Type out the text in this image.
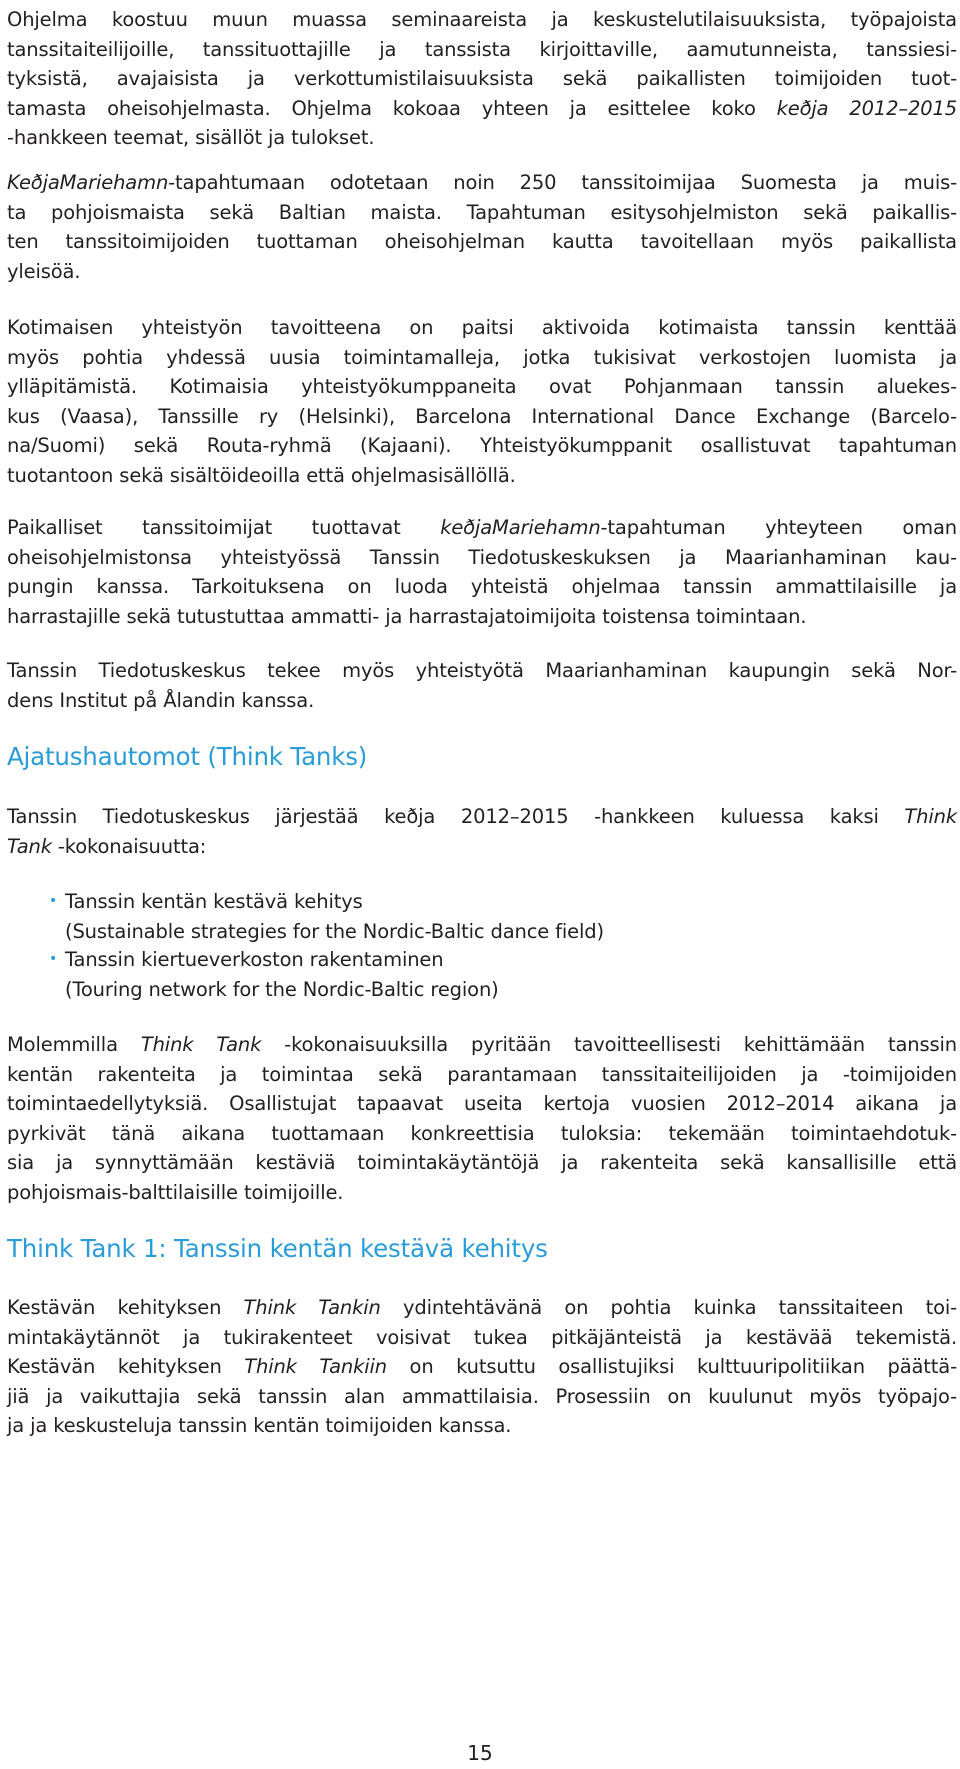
Ohjelma koostuu muun muassa seminaareista ja keskustelutilaisuuksista, työpajoista
tanssitaiteilijoille, tanssituottajille ja tanssista kirjoittaville, aamutunneista, tanssiesi-
tyksistä, avajaisista ja verkottumistilaisuuksista sekä paikallisten toimijoiden tuot-
tamasta oheisohjelmasta. Ohjelma kokoaa yhteen ja esittelee koko keðja 2012–2015
-hankkeen teemat, sisällöt ja tulokset.
KeðjaMariehamn-tapahtumaan odotetaan noin 250 tanssitoimijaa Suomesta ja muis-
ta pohjoismaista sekä Baltian maista. Tapahtuman esitysohjelmiston sekä paikallis-
ten tanssitoimijoiden tuottaman oheisohjelman kautta tavoitellaan myös paikallista
yleisöä.
Kotimaisen yhteistyön tavoitteena on paitsi aktivoida kotimaista tanssin kenttää
myös pohtia yhdessä uusia toimintamalleja, jotka tukisivat verkostojen luomista ja
ylläpitämistä. Kotimaisia yhteistyökumppaneita ovat Pohjanmaan tanssin aluekes-
kus (Vaasa), Tanssille ry (Helsinki), Barcelona International Dance Exchange (Barcelo-
na/Suomi) sekä Routa-ryhmä (Kajaani). Yhteistyökumppanit osallistuvat tapahtuman
tuotantoon sekä sisältöideoilla että ohjelmasisällöllä.
Paikalliset tanssitoimijat tuottavat keðjaMariehamn-tapahtuman yhteyteen oman
oheisohjelmistonsa yhteistyössä Tanssin Tiedotuskeskuksen ja Maarianhaminan kau-
pungin kanssa. Tarkoituksena on luoda yhteistä ohjelmaa tanssin ammattilaisille ja
harrastajille sekä tutustuttaa ammatti- ja harrastajatoimijoita toistensa toimintaan.
Tanssin Tiedotuskeskus tekee myös yhteistyötä Maarianhaminan kaupungin sekä Nor-
dens Institut på Ålandin kanssa.
Ajatushautomot (Think Tanks)
Tanssin Tiedotuskeskus järjestää keðja 2012–2015 -hankkeen kuluessa kaksi Think
Tank -kokonaisuutta:
• Tanssin kentän kestävä kehitys
(Sustainable strategies for the Nordic-Baltic dance field)
• Tanssin kiertueverkoston rakentaminen
(Touring network for the Nordic-Baltic region)
Molemmilla Think Tank -kokonaisuuksilla pyritään tavoitteellisesti kehittämään tanssin
kentän rakenteita ja toimintaa sekä parantamaan tanssitaiteilijoiden ja -toimijoiden
toimintaedellytyksiä. Osallistujat tapaavat useita kertoja vuosien 2012–2014 aikana ja
pyrkivät tänä aikana tuottamaan konkreettisia tuloksia: tekemään toimintaehdotuk-
sia ja synnyttämään kestäviä toimintakäytäntöjä ja rakenteita sekä kansallisille että
pohjoismais-balttilaisille toimijoille.
Think Tank 1: Tanssin kentän kestävä kehitys
Kestävän kehityksen Think Tankin ydintehtävänä on pohtia kuinka tanssitaiteen toi-
mintakäytännöt ja tukirakenteet voisivat tukea pitkäjänteistä ja kestävää tekemistä.
Kestävän kehityksen Think Tankiin on kutsuttu osallistujiksi kulttuuripolitiikan päättä-
jiä ja vaikuttajia sekä tanssin alan ammattilaisia. Prosessiin on kuulunut myös työpajo-
ja ja keskusteluja tanssin kentän toimijoiden kanssa.
15
